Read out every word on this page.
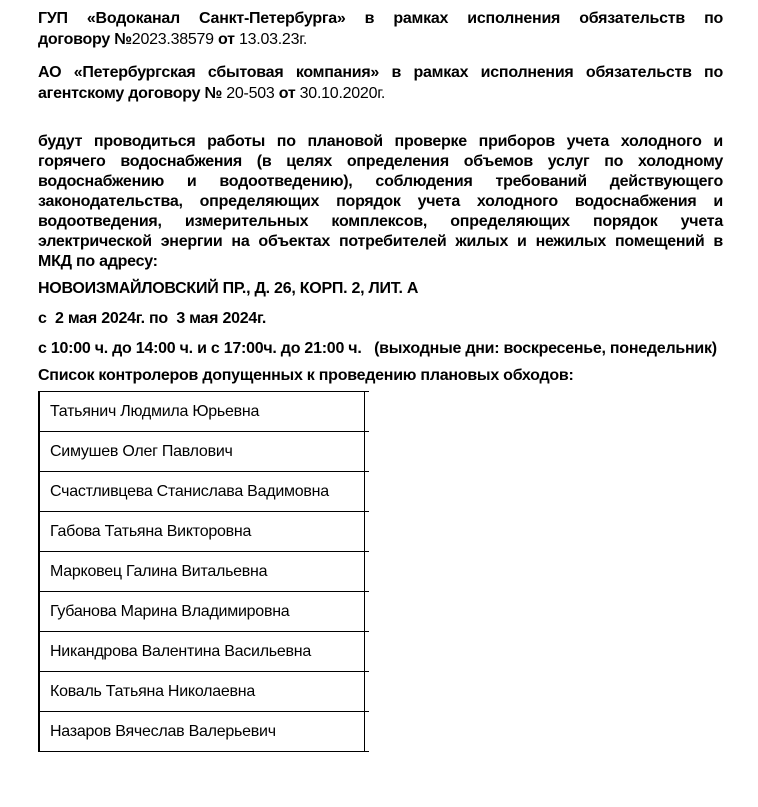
ГУП «Водоканал Санкт-Петербурга» в рамках исполнения обязательств по
договору №2023.38579 от 13.03.23г.
АО «Петербургская сбытовая компания» в рамках исполнения обязательств по
агентскому договору № 20-503 от 30.10.2020г.
будут проводиться работы по плановой проверке приборов учета холодного и
горячего водоснабжения (в целях определения объемов услуг по холодному
водоснабжению и водоотведению), соблюдения требований действующего
законодательства, определяющих порядок учета холодного водоснабжения и
водоотведения, измерительных комплексов, определяющих порядок учета
электрической энергии на объектах потребителей жилых и нежилых помещений в
МКД по адресу:

НОВОИЗМАЙЛОВСКИЙ ПР., Д. 26, КОРП. 2, ЛИТ. А

с  2 мая 2024г. по  3 мая 2024г.

с 10:00 ч. до 14:00 ч. и с 17:00ч. до 21:00 ч.   (выходные дни: воскресенье, понедельник)

Список контролеров допущенных к проведению плановых обходов:

Татьянич Людмила Юрьевна
Симушев Олег Павлович
Счастливцева Станислава Вадимовна
Габова Татьяна Викторовна
Марковец Галина Витальевна
Губанова Марина Владимировна
Никандрова Валентина Васильевна
Коваль Татьяна Николаевна
Назаров Вячеслав Валерьевич
